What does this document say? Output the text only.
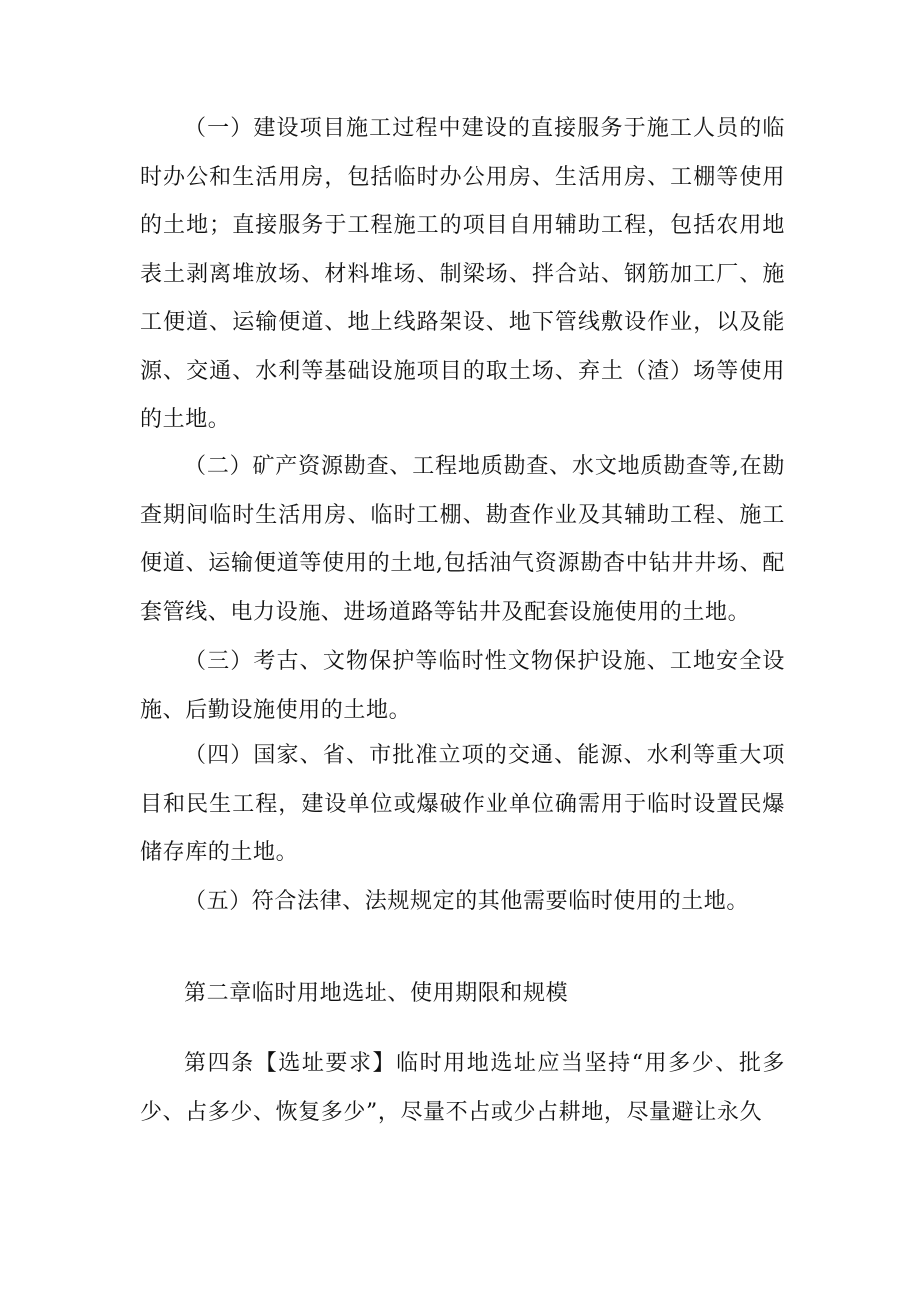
（一）建设项目施工过程中建设的直接服务于施工人员的临时办公和生活用房，包括临时办公用房、生活用房、工棚等使用的土地；直接服务于工程施工的项目自用辅助工程，包括农用地表土剥离堆放场、材料堆场、制梁场、拌合站、钢筋加工厂、施工便道、运输便道、地上线路架设、地下管线敷设作业，以及能源、交通、水利等基础设施项目的取土场、弃土（渣）场等使用的土地。

（二）矿产资源勘查、工程地质勘查、水文地质勘查等,在勘查期间临时生活用房、临时工棚、勘查作业及其辅助工程、施工便道、运输便道等使用的土地,包括油气资源勘杳中钻井井场、配套管线、电力设施、进场道路等钻井及配套设施使用的土地。

（三）考古、文物保护等临时性文物保护设施、工地安全设施、后勤设施使用的土地。

（四）国家、省、市批准立项的交通、能源、水利等重大项目和民生工程，建设单位或爆破作业单位确需用于临时设置民爆储存库的土地。

（五）符合法律、法规规定的其他需要临时使用的土地。

第二章临时用地选址、使用期限和规模

第四条【选址要求】临时用地选址应当坚持“用多少、批多少、占多少、恢复多少”，尽量不占或少占耕地，尽量避让永久
